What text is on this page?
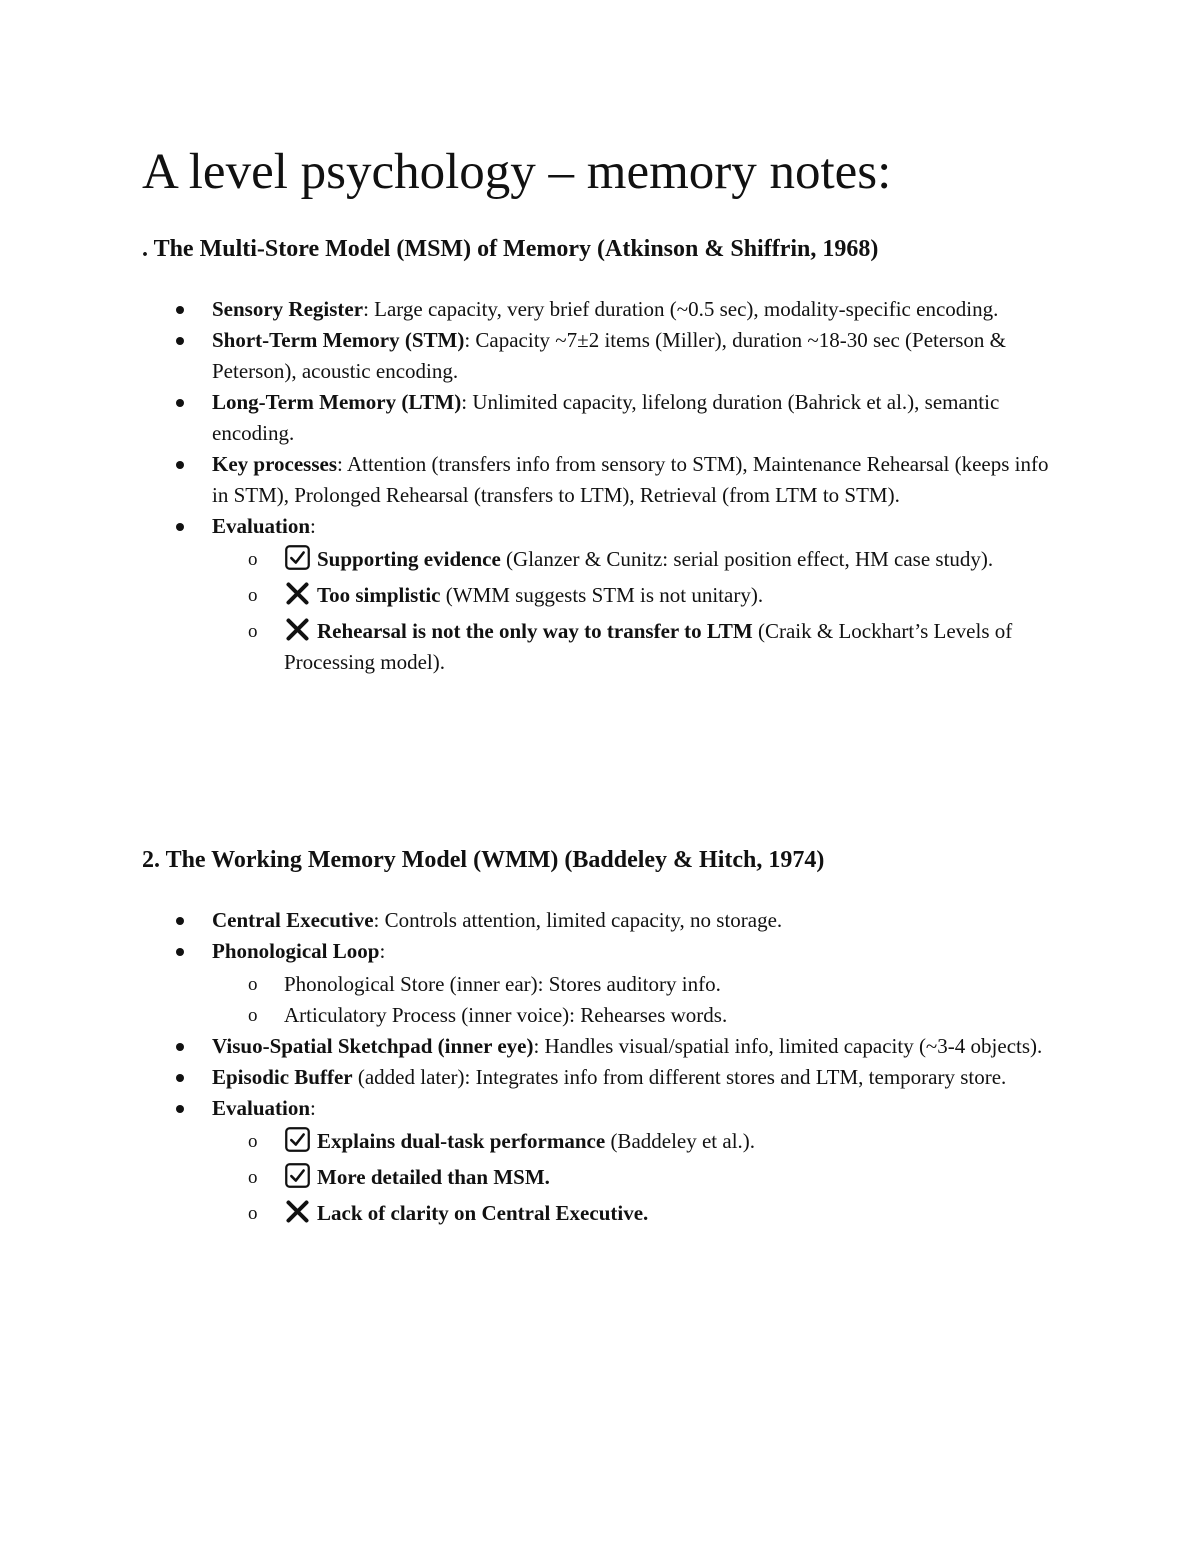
A level psychology – memory notes:
. The Multi-Store Model (MSM) of Memory (Atkinson & Shiffrin, 1968)
Sensory Register: Large capacity, very brief duration (~0.5 sec), modality-specific encoding.
Short-Term Memory (STM): Capacity ~7±2 items (Miller), duration ~18-30 sec (Peterson & Peterson), acoustic encoding.
Long-Term Memory (LTM): Unlimited capacity, lifelong duration (Bahrick et al.), semantic encoding.
Key processes: Attention (transfers info from sensory to STM), Maintenance Rehearsal (keeps info in STM), Prolonged Rehearsal (transfers to LTM), Retrieval (from LTM to STM).
Evaluation:
o	Supporting evidence (Glanzer & Cunitz: serial position effect, HM case study).
o	Too simplistic (WMM suggests STM is not unitary).
o	Rehearsal is not the only way to transfer to LTM (Craik & Lockhart’s Levels of Processing model).
2. The Working Memory Model (WMM) (Baddeley & Hitch, 1974)
Central Executive: Controls attention, limited capacity, no storage.
Phonological Loop:
o Phonological Store (inner ear): Stores auditory info.
o Articulatory Process (inner voice): Rehearses words.
Visuo-Spatial Sketchpad (inner eye): Handles visual/spatial info, limited capacity (~3-4 objects).
Episodic Buffer (added later): Integrates info from different stores and LTM, temporary store.
Evaluation:
o	Explains dual-task performance (Baddeley et al.).
o	More detailed than MSM.
o	Lack of clarity on Central Executive.
